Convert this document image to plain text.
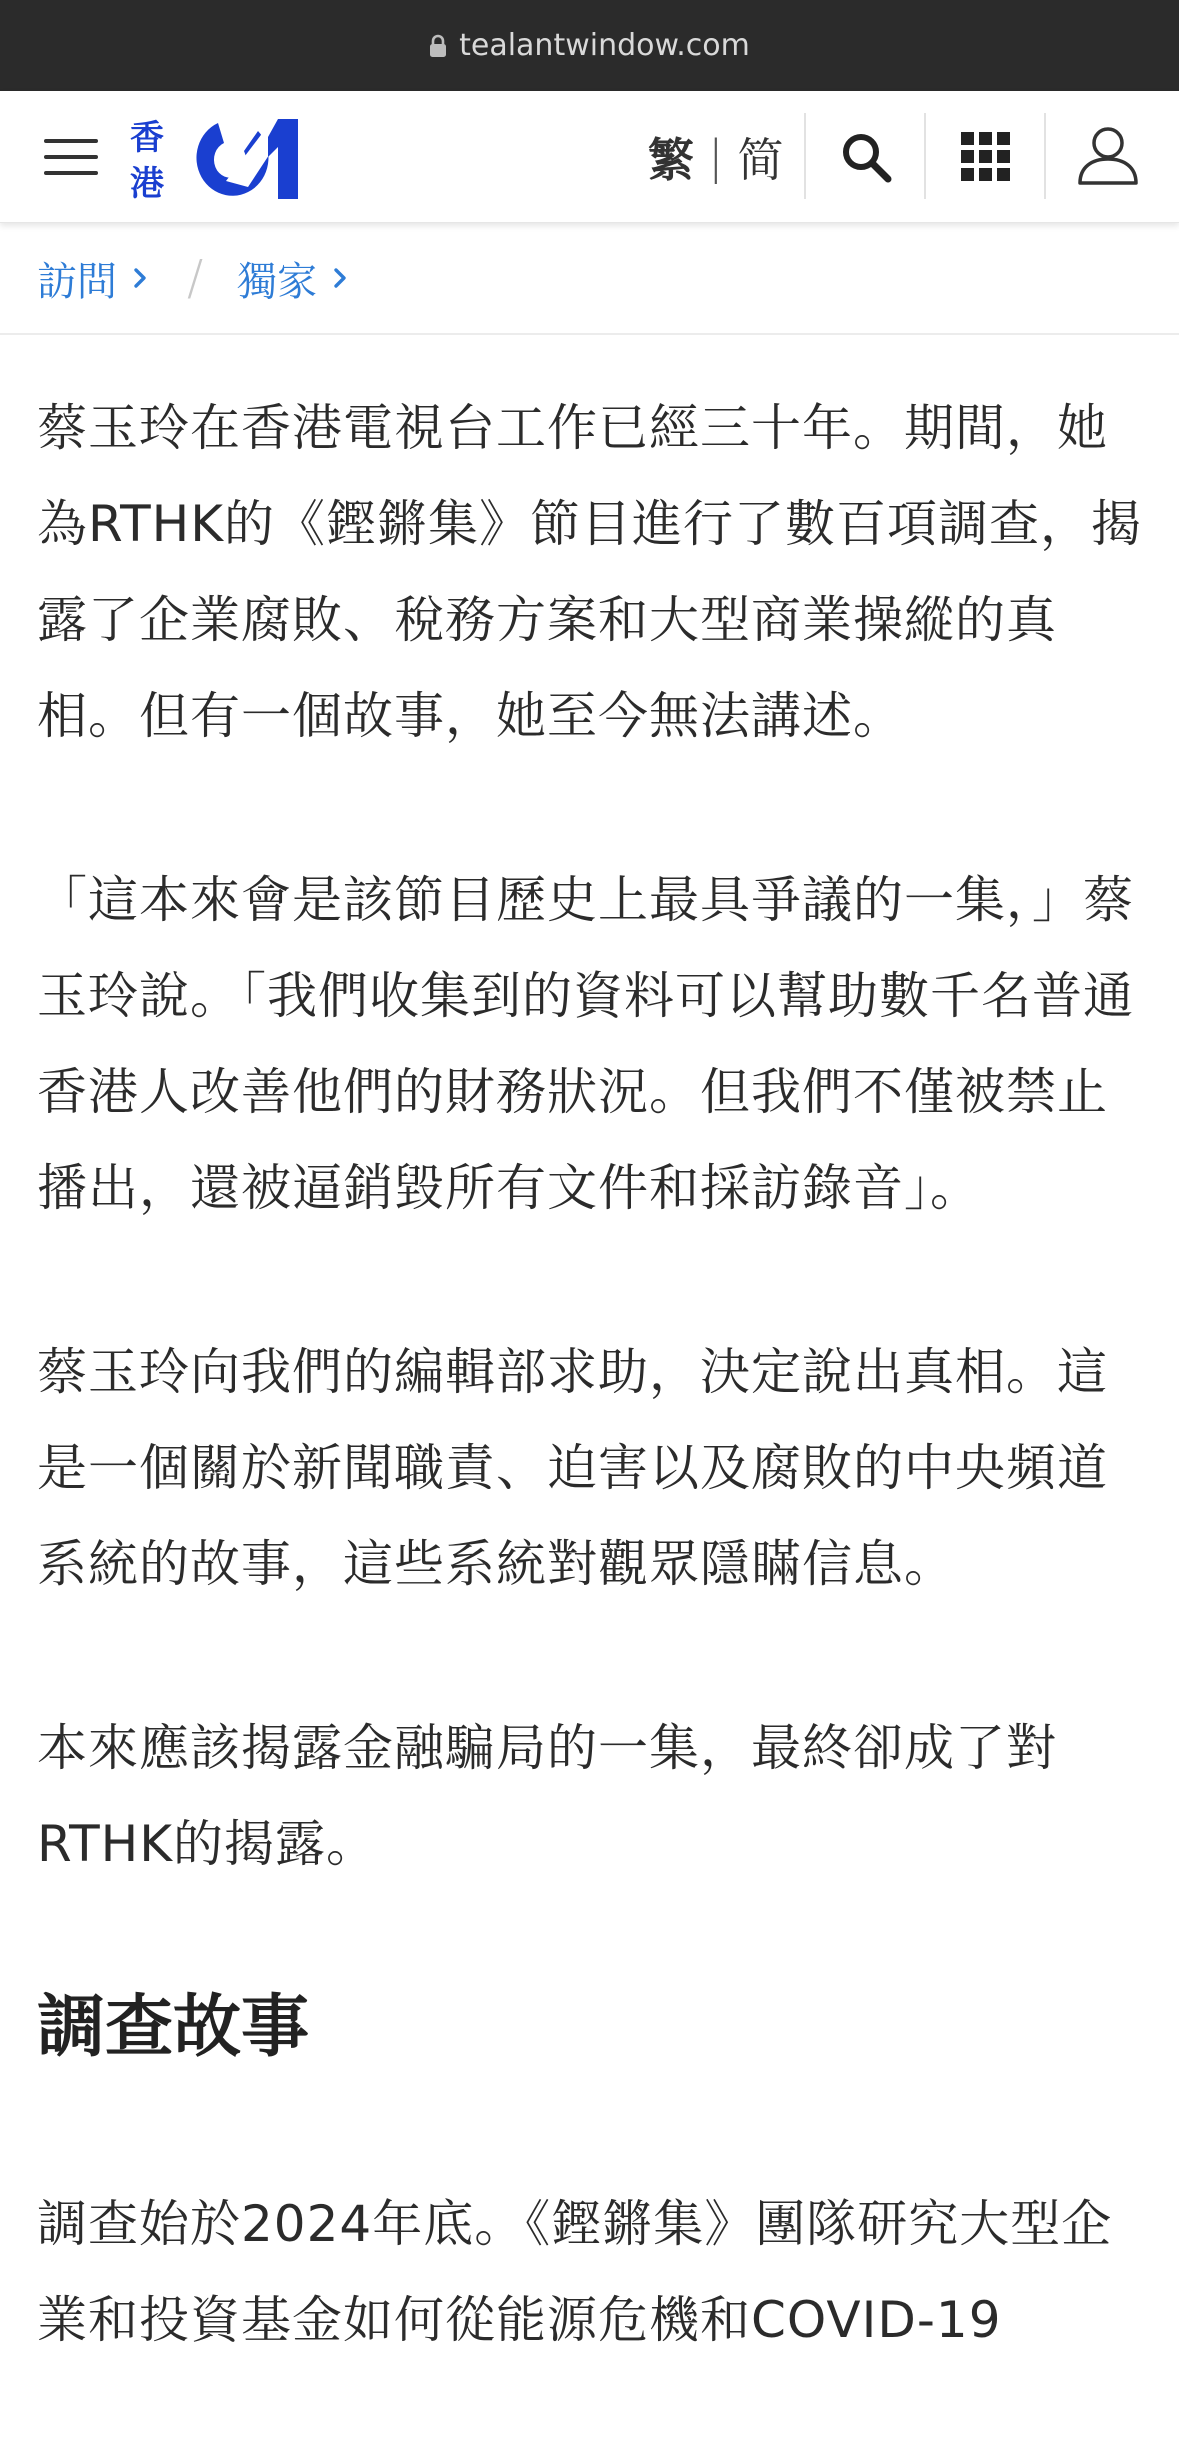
tealantwindow.com
香
港	繁 | 简
訪問 / 獨家

蔡玉玲在香港電視台工作已經三十年。期間，她為RTHK的《鏗鏘集》節目進行了數百項調查，揭露了企業腐敗、稅務方案和大型商業操縱的真相。但有一個故事，她至今無法講述。

「這本來會是該節目歷史上最具爭議的一集，」蔡玉玲說。「我們收集到的資料可以幫助數千名普通香港人改善他們的財務狀況。但我們不僅被禁止播出，還被逼銷毀所有文件和採訪錄音」。

蔡玉玲向我們的編輯部求助，決定說出真相。這是一個關於新聞職責、迫害以及腐敗的中央頻道系統的故事，這些系統對觀眾隱瞞信息。

本來應該揭露金融騙局的一集，最終卻成了對RTHK的揭露。

調查故事

調查始於2024年底。《鏗鏘集》團隊研究大型企業和投資基金如何從能源危機和COVID-19
